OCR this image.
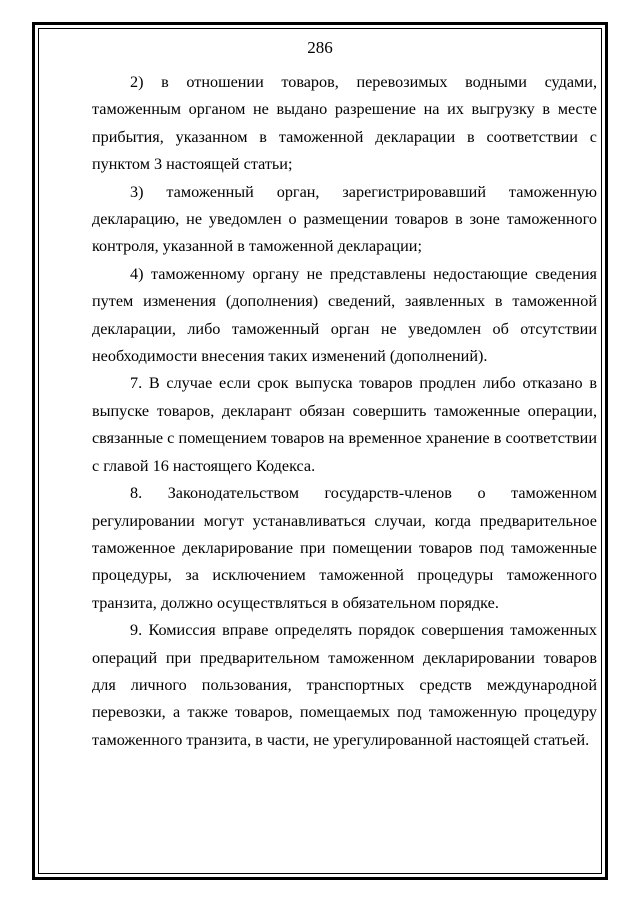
286

2) в отношении товаров, перевозимых водными судами, таможенным органом не выдано разрешение на их выгрузку в месте прибытия, указанном в таможенной декларации в соответствии с пунктом 3 настоящей статьи;

3) таможенный орган, зарегистрировавший таможенную декларацию, не уведомлен о размещении товаров в зоне таможенного контроля, указанной в таможенной декларации;

4) таможенному органу не представлены недостающие сведения путем изменения (дополнения) сведений, заявленных в таможенной декларации, либо таможенный орган не уведомлен об отсутствии необходимости внесения таких изменений (дополнений).

7. В случае если срок выпуска товаров продлен либо отказано в выпуске товаров, декларант обязан совершить таможенные операции, связанные с помещением товаров на временное хранение в соответствии с главой 16 настоящего Кодекса.

8. Законодательством государств-членов о таможенном регулировании могут устанавливаться случаи, когда предварительное таможенное декларирование при помещении товаров под таможенные процедуры, за исключением таможенной процедуры таможенного транзита, должно осуществляться в обязательном порядке.

9. Комиссия вправе определять порядок совершения таможенных операций при предварительном таможенном декларировании товаров для личного пользования, транспортных средств международной перевозки, а также товаров, помещаемых под таможенную процедуру таможенного транзита, в части, не урегулированной настоящей статьей.
